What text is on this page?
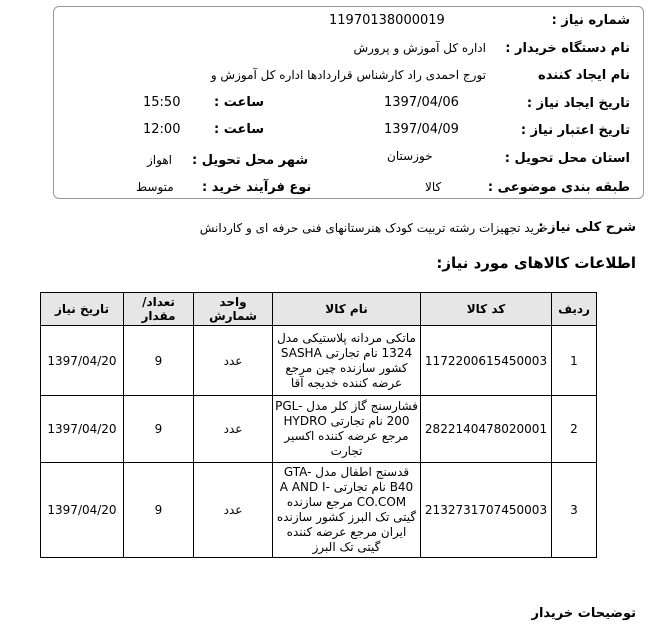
شماره نیاز :
11970138000019
نام دستگاه خریدار :
اداره کل آموزش و پرورش
نام ایجاد کننده
تورج احمدی راد کارشناس قراردادها اداره کل آموزش و
تاریخ ایجاد نیاز :
1397/04/06
ساعت :
15:50
تاریخ اعتبار نیاز :
1397/04/09
ساعت :
12:00
استان محل تحویل :
خوزستان
شهر محل تحویل :
اهواز
طبقه بندی موضوعی :
کالا
نوع فرآیند خرید :
متوسط
شرح کلی نیاز :
خرید تجهیزات رشته تربیت کودک هنرستانهای فنی حرفه ای و کاردانش
اطلاعات کالاهای مورد نیاز:
ردیف	کد کالا	نام کالا	واحد شمارش	تعداد/ مقدار	تاریخ نیاز
1	1172200615450003	ماتکی مردانه پلاستیکی مدل 1324 نام تجارتی SASHA کشور سازنده چین مرجع عرضه کننده خدیجه آقا	عدد	9	1397/04/20
2	2822140478020001	فشارسنج گاز کلر مدل PGL-200 نام تجارتی HYDRO مرجع عرضه کننده اکسیر تجارت	عدد	9	1397/04/20
3	2132731707450003	قدسنج اطفال مدل GTA-B40 نام تجارتی A AND I-CO.COM مرجع سازنده گیتی تک البرز کشور سازنده ایران مرجع عرضه کننده گیتی تک البرز	عدد	9	1397/04/20
توضیحات خریدار
